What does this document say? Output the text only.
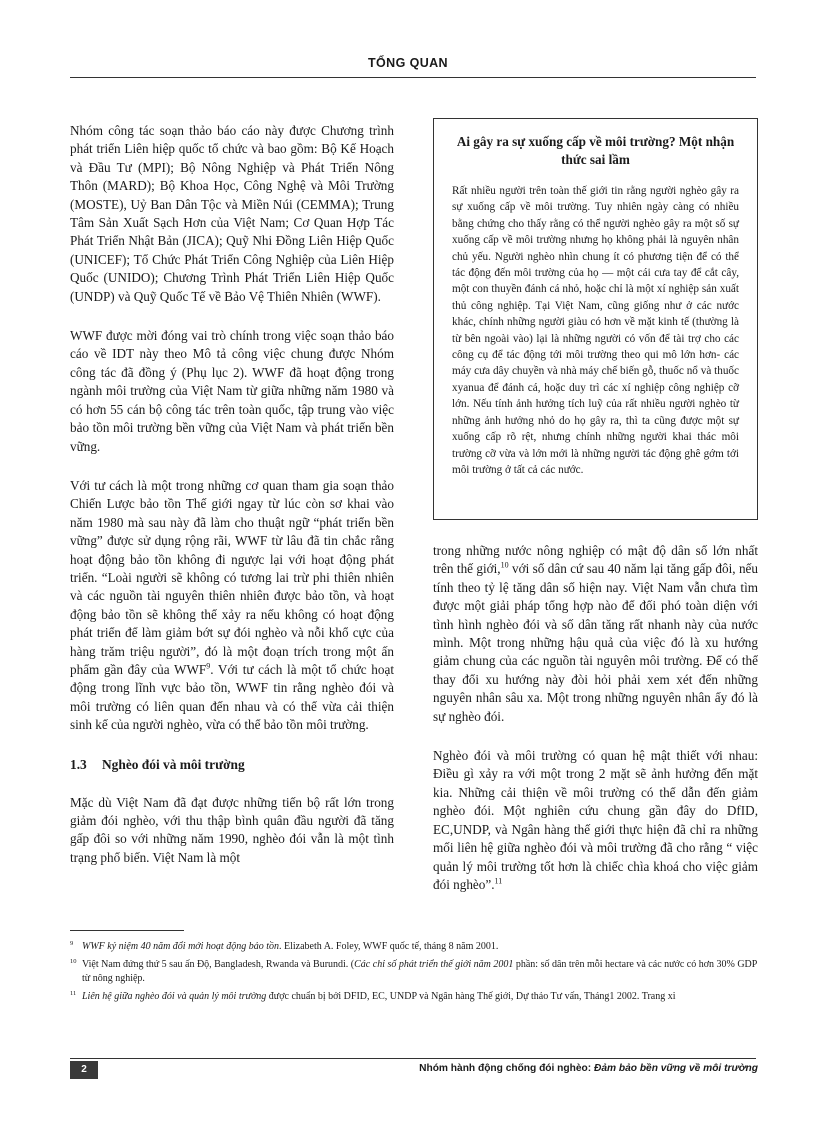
TỔNG QUAN

Nhóm công tác soạn thảo báo cáo này được Chương trình phát triển Liên hiệp quốc tổ chức và bao gồm: Bộ Kế Hoạch và Đầu Tư (MPI); Bộ Nông Nghiệp và Phát Triển Nông Thôn (MARD); Bộ Khoa Học, Công Nghệ và Môi Trường (MOSTE), Uỷ Ban Dân Tộc và Miền Núi (CEMMA); Trung Tâm Sản Xuất Sạch Hơn của Việt Nam; Cơ Quan Hợp Tác Phát Triển Nhật Bản (JICA); Quỹ Nhi Đồng Liên Hiệp Quốc (UNICEF); Tổ Chức Phát Triển Công Nghiệp của Liên Hiệp Quốc (UNIDO); Chương Trình Phát Triển Liên Hiệp Quốc (UNDP) và Quỹ Quốc Tế về Bảo Vệ Thiên Nhiên (WWF).

WWF được mời đóng vai trò chính trong việc soạn thảo báo cáo về IDT này theo Mô tả công việc chung được Nhóm công tác đã đồng ý (Phụ lục 2). WWF đã hoạt động trong ngành môi trường của Việt Nam từ giữa những năm 1980 và có hơn 55 cán bộ công tác trên toàn quốc, tập trung vào việc bảo tồn môi trường bền vững của Việt Nam và phát triển bền vững.

Với tư cách là một trong những cơ quan tham gia soạn thảo Chiến Lược bảo tồn Thế giới ngay từ lúc còn sơ khai vào năm 1980 mà sau này đã làm cho thuật ngữ “phát triển bền vững” được sử dụng rộng rãi, WWF từ lâu đã tin chắc rằng hoạt động bảo tồn không đi ngược lại với hoạt động phát triển. “Loài người sẽ không có tương lai trừ phi thiên nhiên và các nguồn tài nguyên thiên nhiên được bảo tồn, và hoạt động bảo tồn sẽ không thể xảy ra nếu không có hoạt động phát triển để làm giảm bớt sự đói nghèo và nỗi khổ cực của hàng trăm triệu người”, đó là một đoạn trích trong một ấn phẩm gần đây của WWF$^9$. Với tư cách là một tổ chức hoạt động trong lĩnh vực bảo tồn, WWF tin rằng nghèo đói và môi trường có liên quan đến nhau và có thể vừa cải thiện sinh kế của người nghèo, vừa có thể bảo tồn môi trường.

1.3 Nghèo đói và môi trường

Mặc dù Việt Nam đã đạt được những tiến bộ rất lớn trong giảm đói nghèo, với thu thập bình quân đầu người đã tăng gấp đôi so với những năm 1990, nghèo đói vẫn là một tình trạng phổ biến. Việt Nam là một

Ai gây ra sự xuống cấp về môi trường? Một nhận thức sai lầm

Rất nhiều người trên toàn thế giới tin rằng người nghèo gây ra sự xuống cấp về môi trường. Tuy nhiên ngày càng có nhiều bằng chứng cho thấy rằng có thể người nghèo gây ra một số sự xuống cấp về môi trường nhưng họ không phải là nguyên nhân chủ yếu. Người nghèo nhìn chung ít có phương tiện để có thể tác động đến môi trường của họ — một cái cưa tay để cắt cây, một con thuyền đánh cá nhỏ, hoặc chỉ là một xí nghiệp sản xuất thủ công nghiệp. Tại Việt Nam, cũng giống như ở các nước khác, chính những người giàu có hơn về mặt kinh tế (thường là từ bên ngoài vào) lại là những người có vốn để tài trợ cho các công cụ để tác động tới môi trường theo qui mô lớn hơn- các máy cưa dây chuyền và nhà máy chế biến gỗ, thuốc nổ và thuốc xyanua để đánh cá, hoặc duy trì các xí nghiệp công nghiệp cỡ lớn. Nếu tính ảnh hưởng tích luỹ của rất nhiều người nghèo từ những ảnh hưởng nhỏ do họ gây ra, thì ta cũng được một sự xuống cấp rõ rệt, nhưng chính những người khai thác môi trường cỡ vừa và lớn mới là những người tác động ghê gớm tới môi trường ở tất cả các nước.

trong những nước nông nghiệp có mật độ dân số lớn nhất trên thế giới,$^{10}$ với số dân cứ sau 40 năm lại tăng gấp đôi, nếu tính theo tỷ lệ tăng dân số hiện nay. Việt Nam vẫn chưa tìm được một giải pháp tổng hợp nào để đối phó toàn diện với tình hình nghèo đói và số dân tăng rất nhanh này của nước mình. Một trong những hậu quả của việc đó là xu hướng giảm chung của các nguồn tài nguyên môi trường. Để có thể thay đổi xu hướng này đòi hỏi phải xem xét đến những nguyên nhân sâu xa. Một trong những nguyên nhân ấy đó là sự nghèo đói.

Nghèo đói và môi trường có quan hệ mật thiết với nhau: Điều gì xảy ra với một trong 2 mặt sẽ ảnh hưởng đến mặt kia. Những cải thiện về môi trường có thể dẫn đến giảm nghèo đói. Một nghiên cứu chung gần đây do DfID, EC,UNDP, và Ngân hàng thế giới thực hiện đã chỉ ra những mối liên hệ giữa nghèo đói và môi trường đã cho rằng “ việc quản lý môi trường tốt hơn là chiếc chìa khoá cho việc giảm đói nghèo”.$^{11}$

9 WWF kỷ niệm 40 năm đổi mới hoạt động bảo tồn. Elizabeth A. Foley, WWF quốc tế, tháng 8 năm 2001.
10 Việt Nam đứng thứ 5 sau ấn Độ, Bangladesh, Rwanda và Burundi. (Các chỉ số phát triển thế giới năm 2001 phần: số dân trên mỗi hectare và các nước có hơn 30% GDP từ nông nghiệp.
11 Liên hệ giữa nghèo đói và quản lý môi trường được chuẩn bị bởi DFID, EC, UNDP và Ngân hàng Thế giới, Dự thảo Tư vấn, Tháng1 2002. Trang xi
2	Nhóm hành động chống đói nghèo: Đảm bảo bền vững về môi trường
